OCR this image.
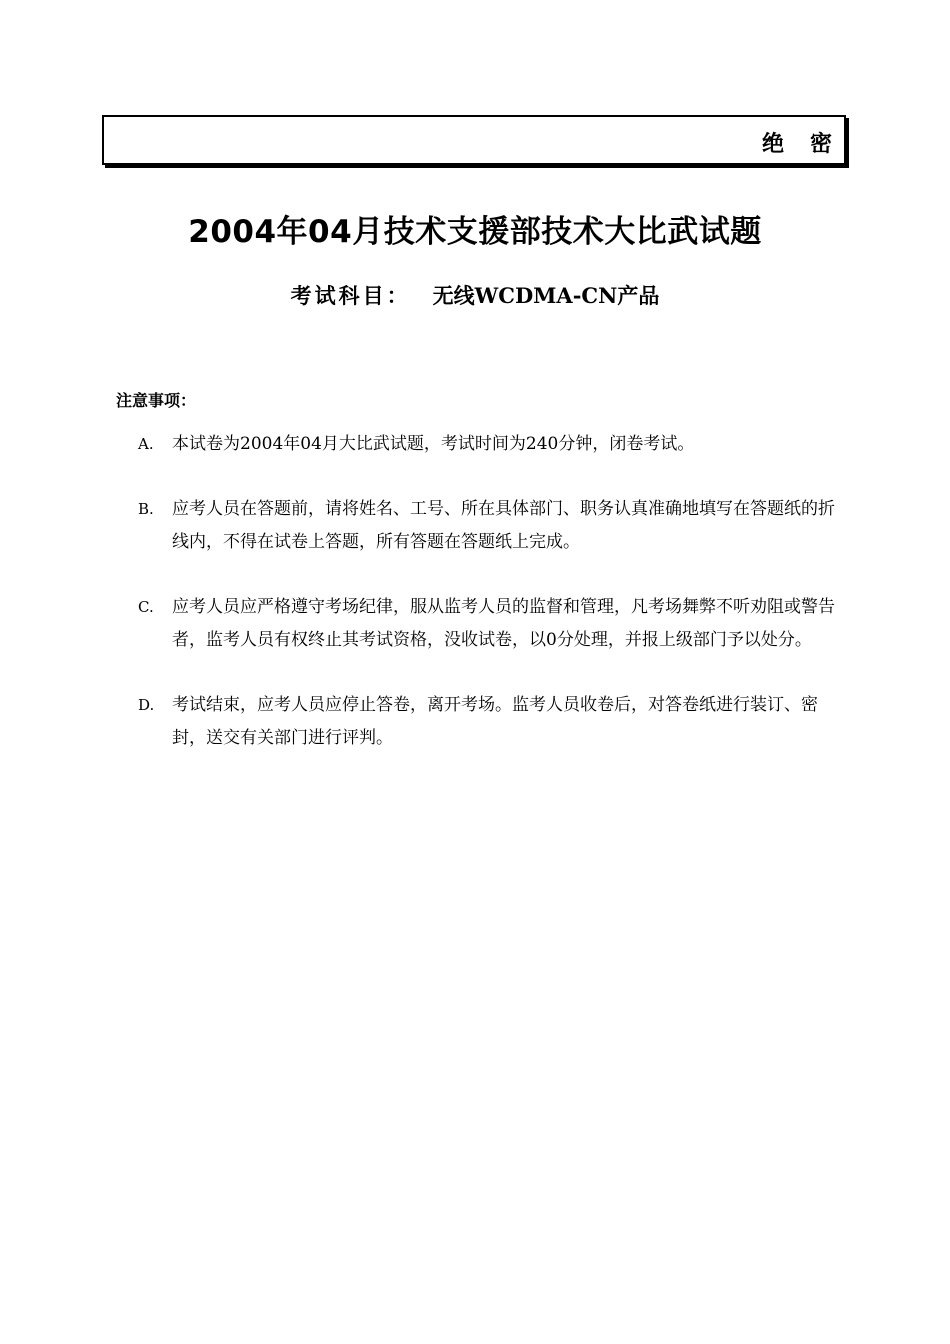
绝密
2004年04月技术支援部技术大比武试题
考试科目： 无线WCDMA-CN产品
注意事项：
A. 本试卷为2004年04月大比武试题，考试时间为240分钟，闭卷考试。
B. 应考人员在答题前，请将姓名、工号、所在具体部门、职务认真准确地填写在答题纸的折线内，不得在试卷上答题，所有答题在答题纸上完成。
C. 应考人员应严格遵守考场纪律，服从监考人员的监督和管理，凡考场舞弊不听劝阻或警告者，监考人员有权终止其考试资格，没收试卷，以0分处理，并报上级部门予以处分。
D. 考试结束，应考人员应停止答卷，离开考场。监考人员收卷后，对答卷纸进行装订、密封，送交有关部门进行评判。
